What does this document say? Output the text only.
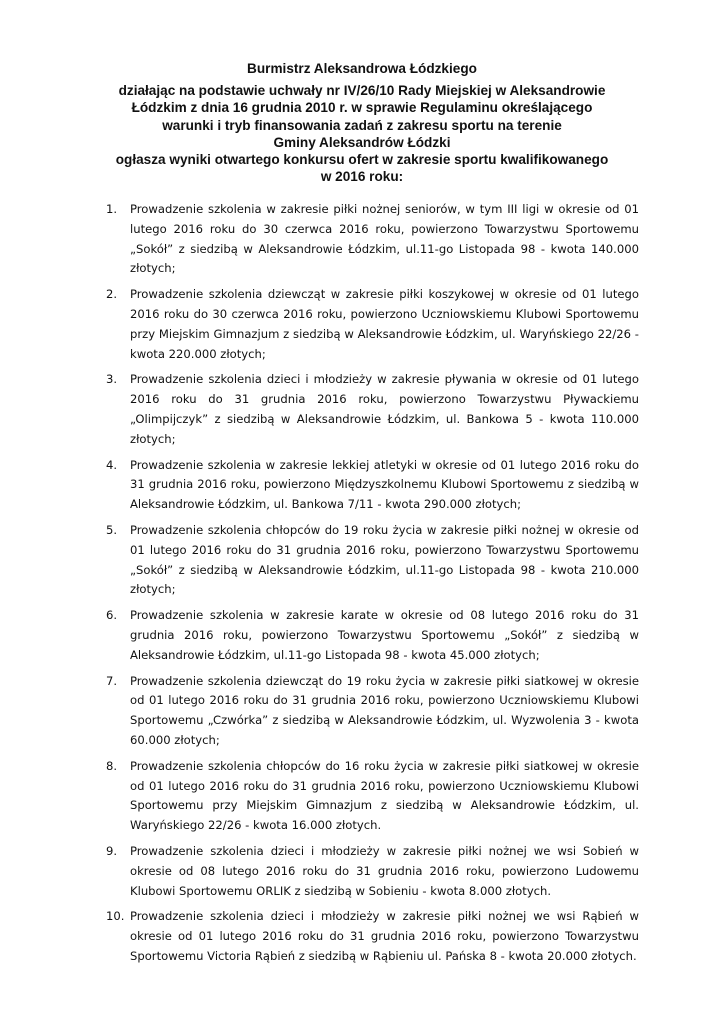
Burmistrz Aleksandrowa Łódzkiego
działając na podstawie uchwały nr IV/26/10 Rady Miejskiej w Aleksandrowie
Łódzkim z dnia 16 grudnia 2010 r. w sprawie Regulaminu określającego
warunki i tryb finansowania zadań z zakresu sportu na terenie
Gminy Aleksandrów Łódzki
ogłasza wyniki otwartego konkursu ofert w zakresie sportu kwalifikowanego
w 2016 roku:
1.	Prowadzenie szkolenia w zakresie piłki nożnej seniorów, w tym III ligi w okresie od 01 lutego 2016 roku do 30 czerwca 2016 roku, powierzono Towarzystwu Sportowemu „Sokół” z siedzibą w Aleksandrowie Łódzkim, ul.11-go Listopada 98 - kwota 140.000 złotych;
2.	Prowadzenie szkolenia dziewcząt w zakresie piłki koszykowej w okresie od 01 lutego 2016 roku do 30 czerwca 2016 roku, powierzono Uczniowskiemu Klubowi Sportowemu przy Miejskim Gimnazjum z siedzibą w Aleksandrowie Łódzkim, ul. Waryńskiego 22/26 - kwota 220.000 złotych;
3.	Prowadzenie szkolenia dzieci i młodzieży w zakresie pływania w okresie od 01 lutego 2016 roku do 31 grudnia 2016 roku, powierzono Towarzystwu Pływackiemu „Olimpijczyk” z siedzibą w Aleksandrowie Łódzkim, ul. Bankowa 5 - kwota 110.000 złotych;
4.	Prowadzenie szkolenia w zakresie lekkiej atletyki w okresie od 01 lutego 2016 roku do 31 grudnia 2016 roku, powierzono Międzyszkolnemu Klubowi Sportowemu z siedzibą w Aleksandrowie Łódzkim, ul. Bankowa 7/11 - kwota 290.000 złotych;
5.	Prowadzenie szkolenia chłopców do 19 roku życia w zakresie piłki nożnej w okresie od 01 lutego 2016 roku do 31 grudnia 2016 roku, powierzono Towarzystwu Sportowemu „Sokół” z siedzibą w Aleksandrowie Łódzkim, ul.11-go Listopada 98 - kwota 210.000 złotych;
6.	Prowadzenie szkolenia w zakresie karate w okresie od 08 lutego 2016 roku do 31 grudnia 2016 roku, powierzono Towarzystwu Sportowemu „Sokół” z siedzibą w Aleksandrowie Łódzkim, ul.11-go Listopada 98 - kwota 45.000 złotych;
7.	Prowadzenie szkolenia dziewcząt do 19 roku życia w zakresie piłki siatkowej w okresie od 01 lutego 2016 roku do 31 grudnia 2016 roku, powierzono Uczniowskiemu Klubowi Sportowemu „Czwórka” z siedzibą w Aleksandrowie Łódzkim, ul. Wyzwolenia 3 - kwota 60.000 złotych;
8.	Prowadzenie szkolenia chłopców do 16 roku życia w zakresie piłki siatkowej w okresie od 01 lutego 2016 roku do 31 grudnia 2016 roku, powierzono Uczniowskiemu Klubowi Sportowemu przy Miejskim Gimnazjum z siedzibą w Aleksandrowie Łódzkim, ul. Waryńskiego 22/26 - kwota 16.000 złotych.
9.	Prowadzenie szkolenia dzieci i młodzieży w zakresie piłki nożnej we wsi Sobień w okresie od 08 lutego 2016 roku do 31 grudnia 2016 roku, powierzono Ludowemu Klubowi Sportowemu ORLIK z siedzibą w Sobieniu - kwota 8.000 złotych.
10. Prowadzenie szkolenia dzieci i młodzieży w zakresie piłki nożnej we wsi Rąbień w okresie od 01 lutego 2016 roku do 31 grudnia 2016 roku, powierzono Towarzystwu Sportowemu Victoria Rąbień z siedzibą w Rąbieniu ul. Pańska 8 - kwota 20.000 złotych.
